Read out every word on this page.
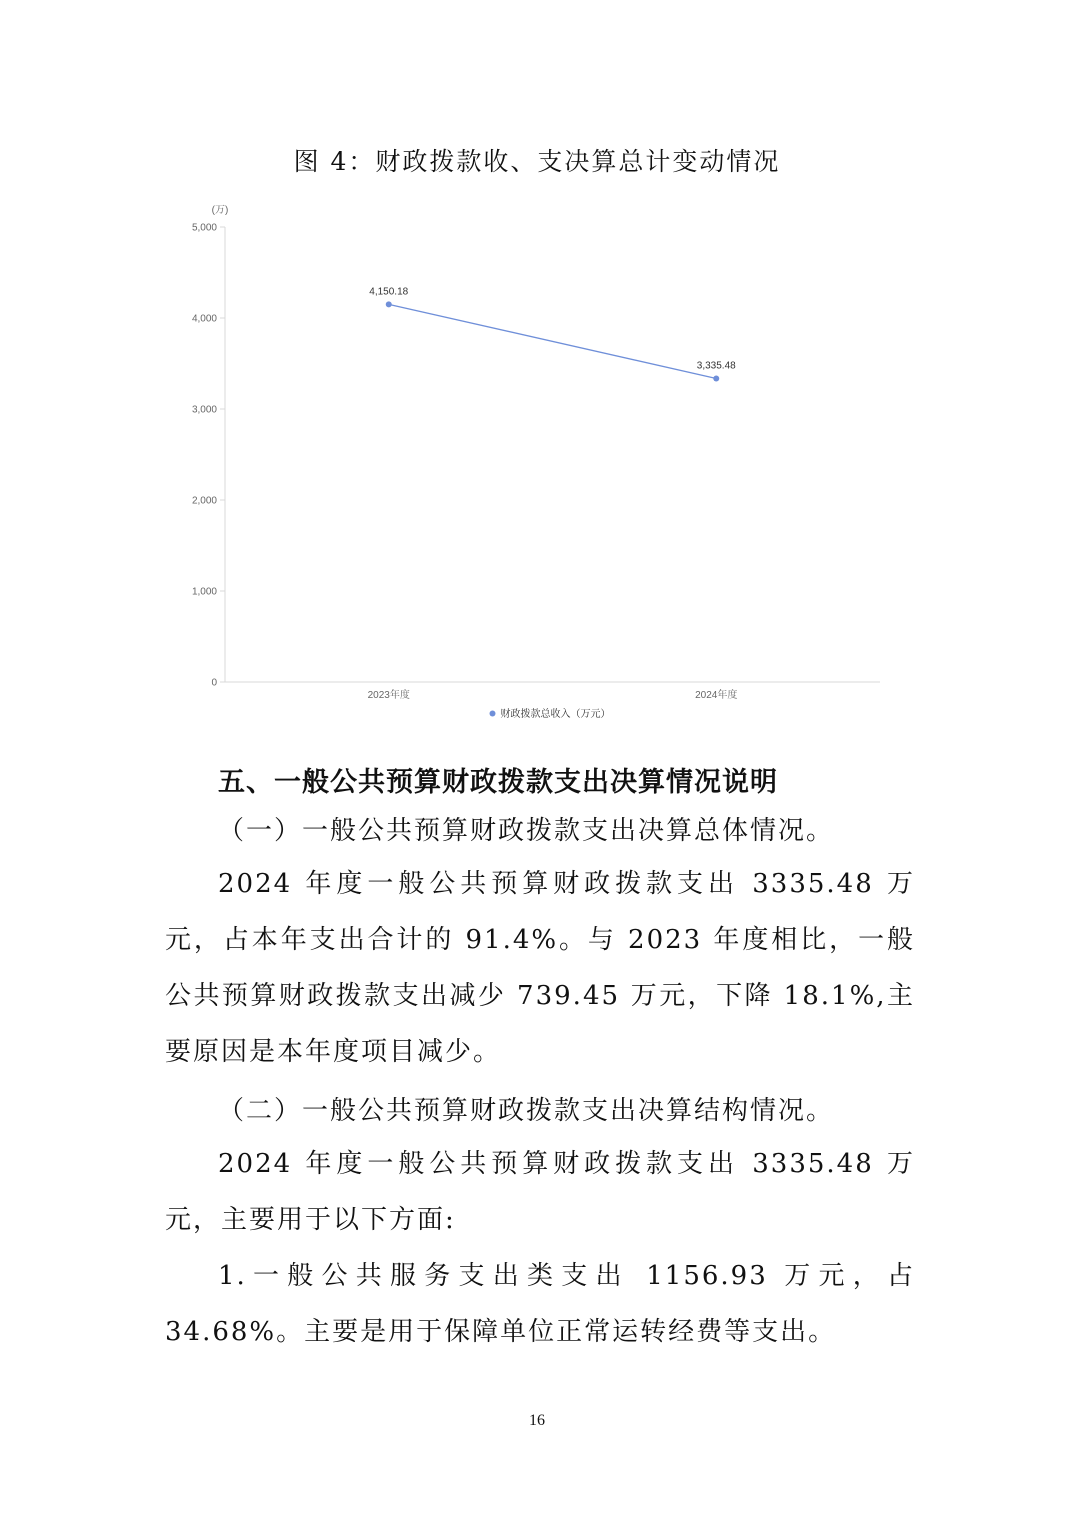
图 4：财政拨款收、支决算总计变动情况
(万)
0
1,000
2,000
3,000
4,000
5,000
2023年度	2024年度
4,150.18
3,335.48
财政拨款总收入（万元）
五、一般公共预算财政拨款支出决算情况说明
（一）一般公共预算财政拨款支出决算总体情况。

2024 年度一般公共预算财政拨款支出 3335.48 万元，占本年支出合计的 91.4%。与 2023 年度相比，一般公共预算财政拨款支出减少 739.45 万元，下降 18.1%,主要原因是本年度项目减少。

（二）一般公共预算财政拨款支出决算结构情况。

2024 年度一般公共预算财政拨款支出 3335.48 万元，主要用于以下方面:

1.一般公共服务支出类支出 1156.93 万元，占 34.68%。主要是用于保障单位正常运转经费等支出。

16
